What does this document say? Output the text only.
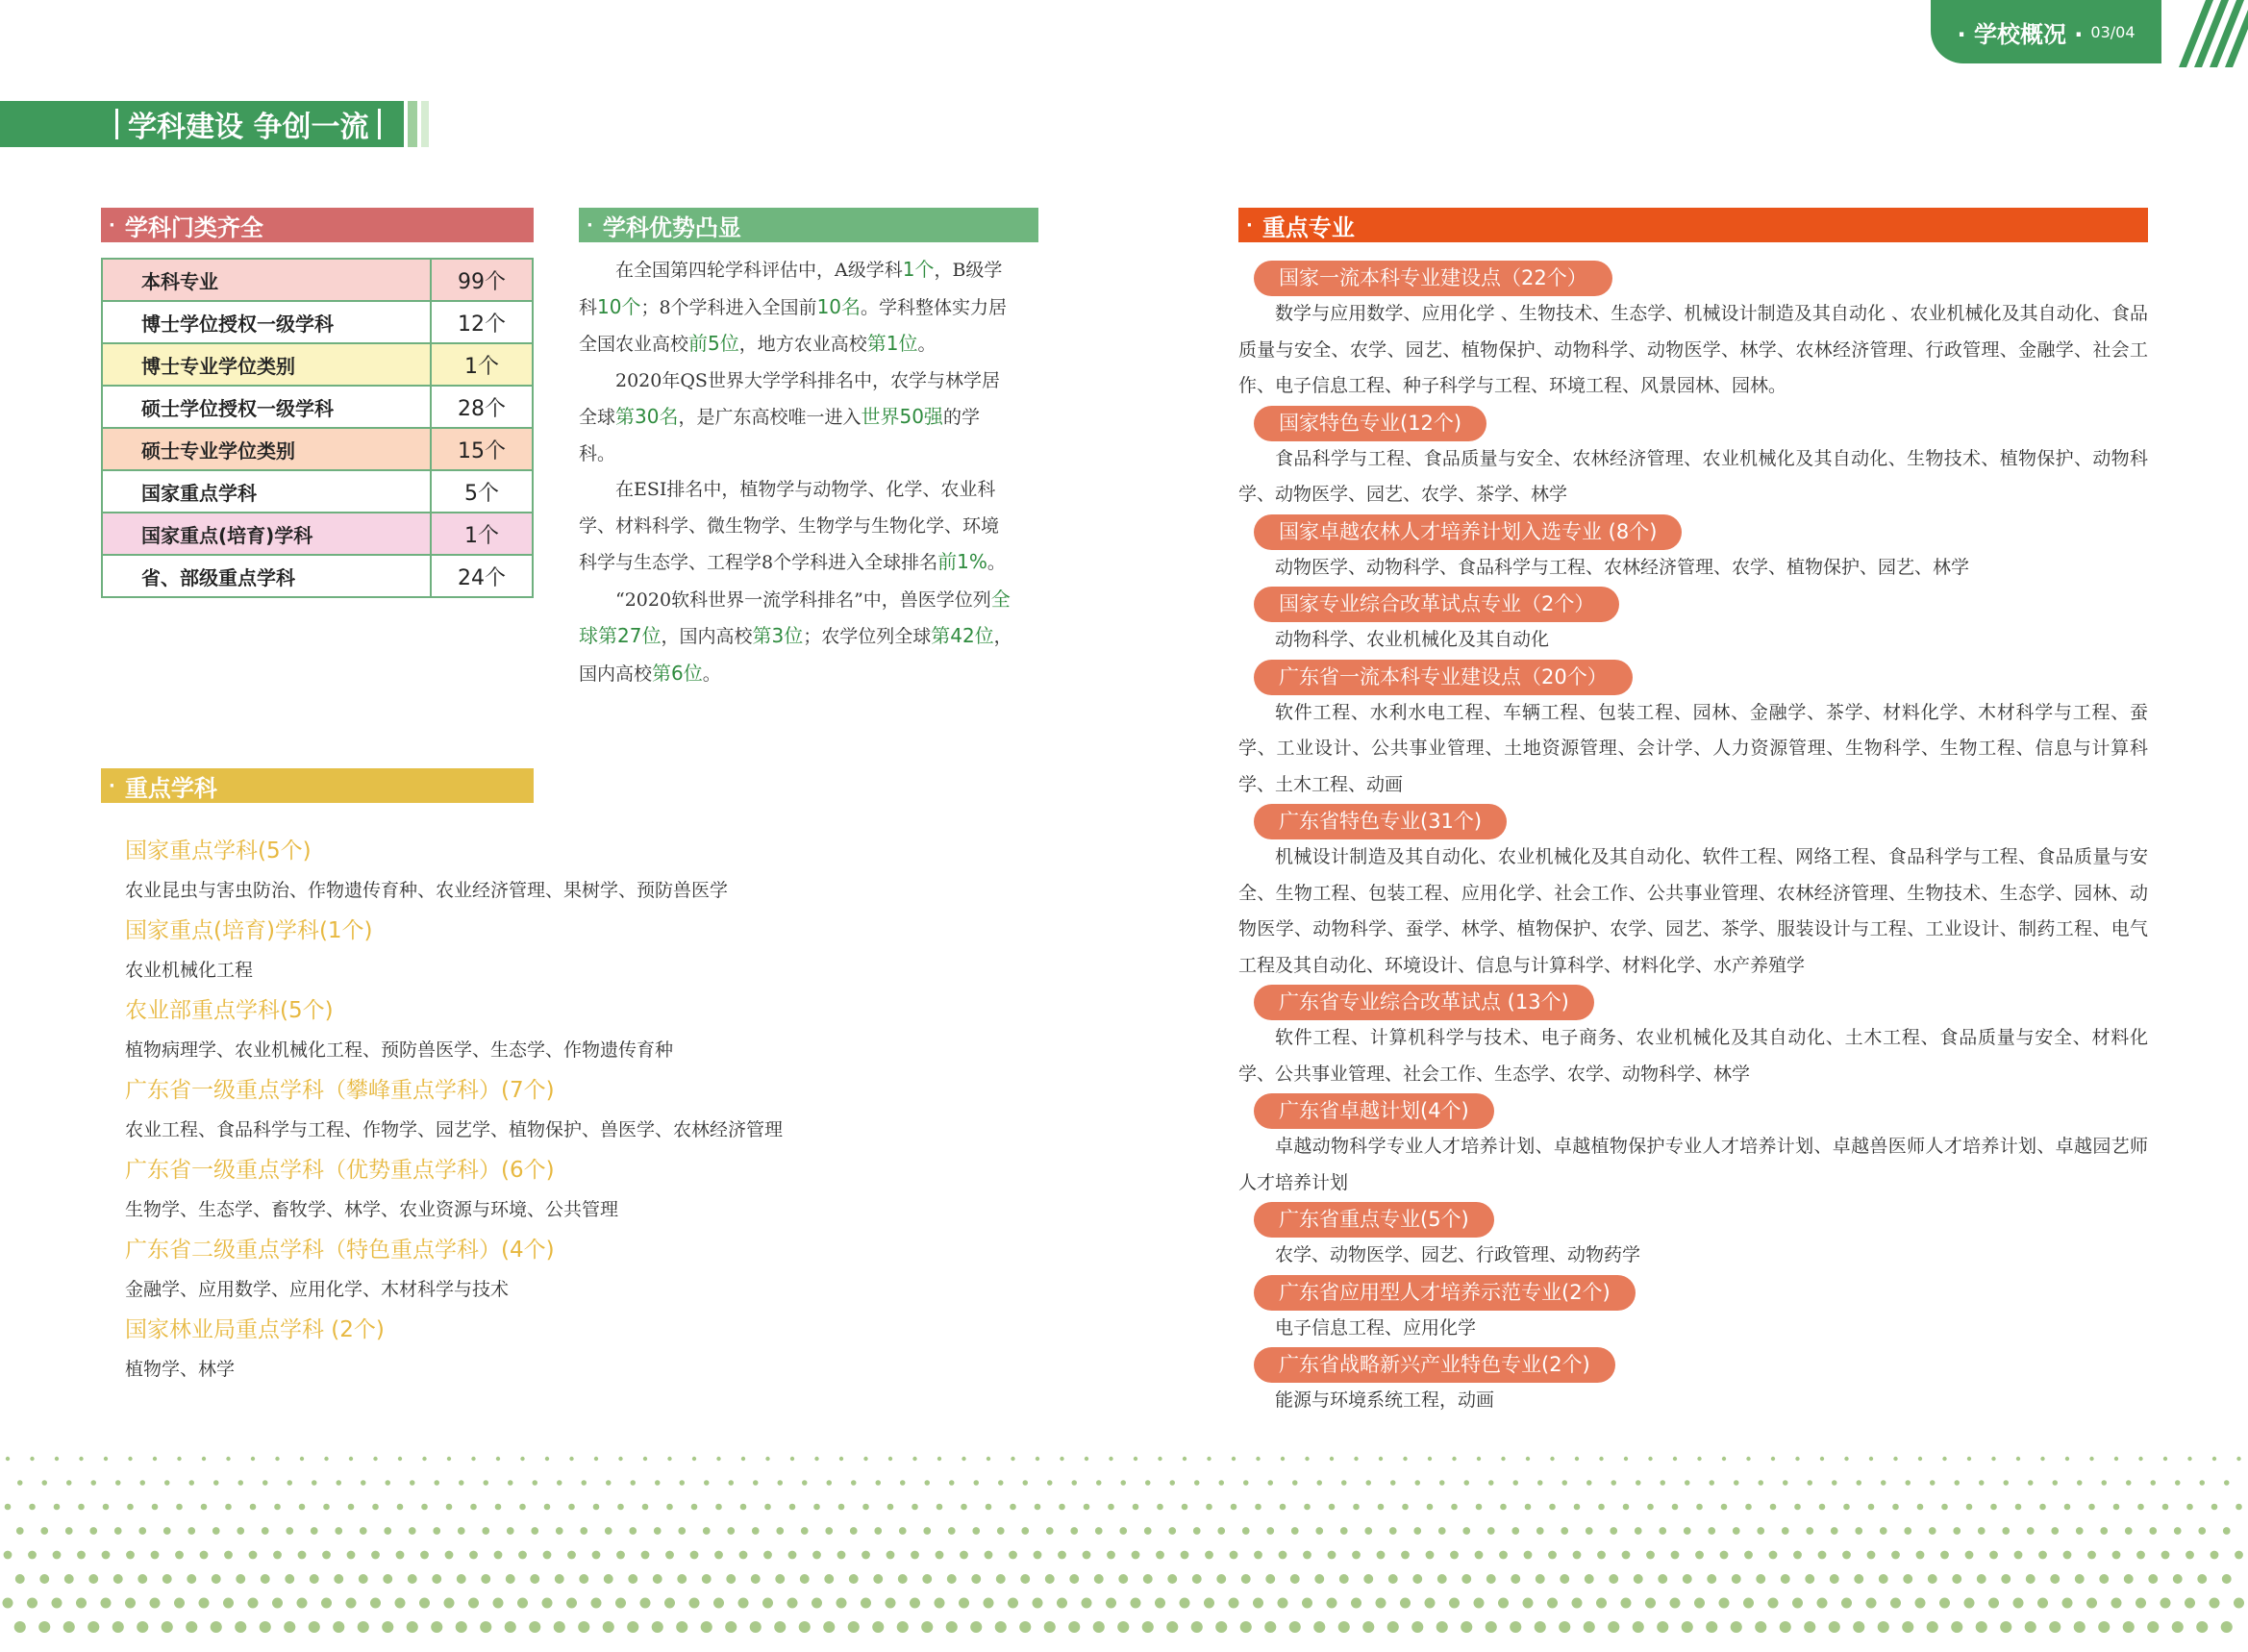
· 学校概况 · 03/04
学科建设 争创一流
· 学科门类齐全
本科专业	99个
博士学位授权一级学科	12个
博士专业学位类别	1个
硕士学位授权一级学科	28个
硕士专业学位类别	15个
国家重点学科	5个
国家重点(培育)学科	1个
省、部级重点学科	24个
· 学科优势凸显

在全国第四轮学科评估中，A级学科1个，B级学科10个；8个学科进入全国前10名。学科整体实力居全国农业高校前5位，地方农业高校第1位。

2020年QS世界大学学科排名中，农学与林学居全球第30名，是广东高校唯一进入世界50强的学科。

在ESI排名中，植物学与动物学、化学、农业科学、材料科学、微生物学、生物学与生物化学、环境科学与生态学、工程学8个学科进入全球排名前1%。

“2020软科世界一流学科排名”中，兽医学位列全球第27位，国内高校第3位；农学位列全球第42位，国内高校第6位。

· 重点学科
国家重点学科(5个)
农业昆虫与害虫防治、作物遗传育种、农业经济管理、果树学、预防兽医学
国家重点(培育)学科(1个)
农业机械化工程
农业部重点学科(5个)
植物病理学、农业机械化工程、预防兽医学、生态学、作物遗传育种
广东省一级重点学科（攀峰重点学科）(7个)
农业工程、食品科学与工程、作物学、园艺学、植物保护、兽医学、农林经济管理
广东省一级重点学科（优势重点学科）(6个)
生物学、生态学、畜牧学、林学、农业资源与环境、公共管理
广东省二级重点学科（特色重点学科）(4个)
金融学、应用数学、应用化学、木材科学与技术
国家林业局重点学科 (2个)
植物学、林学
· 重点专业
国家一流本科专业建设点（22个）

数学与应用数学、应用化学 、生物技术、生态学、机械设计制造及其自动化 、农业机械化及其自动化、食品质量与安全、农学、园艺、植物保护、动物科学、动物医学、林学、农林经济管理、行政管理、金融学、社会工作、电子信息工程、种子科学与工程、环境工程、风景园林、园林。

国家特色专业(12个)

食品科学与工程、食品质量与安全、农林经济管理、农业机械化及其自动化、生物技术、植物保护、动物科学、动物医学、园艺、农学、茶学、林学

国家卓越农林人才培养计划入选专业 (8个)

动物医学、动物科学、食品科学与工程、农林经济管理、农学、植物保护、园艺、林学

国家专业综合改革试点专业（2个）

动物科学、农业机械化及其自动化

广东省一流本科专业建设点（20个）

软件工程、水利水电工程、车辆工程、包装工程、园林、金融学、茶学、材料化学、木材科学与工程、蚕学、工业设计、公共事业管理、土地资源管理、会计学、人力资源管理、生物科学、生物工程、信息与计算科学、土木工程、动画

广东省特色专业(31个)

机械设计制造及其自动化、农业机械化及其自动化、软件工程、网络工程、食品科学与工程、食品质量与安全、生物工程、包装工程、应用化学、社会工作、公共事业管理、农林经济管理、生物技术、生态学、园林、动物医学、动物科学、蚕学、林学、植物保护、农学、园艺、茶学、服装设计与工程、工业设计、制药工程、电气工程及其自动化、环境设计、信息与计算科学、材料化学、水产养殖学

广东省专业综合改革试点 (13个)

软件工程、计算机科学与技术、电子商务、农业机械化及其自动化、土木工程、食品质量与安全、材料化学、公共事业管理、社会工作、生态学、农学、动物科学、林学

广东省卓越计划(4个)

卓越动物科学专业人才培养计划、卓越植物保护专业人才培养计划、卓越兽医师人才培养计划、卓越园艺师人才培养计划

广东省重点专业(5个)

农学、动物医学、园艺、行政管理、动物药学

广东省应用型人才培养示范专业(2个)

电子信息工程、应用化学

广东省战略新兴产业特色专业(2个)

能源与环境系统工程，动画
